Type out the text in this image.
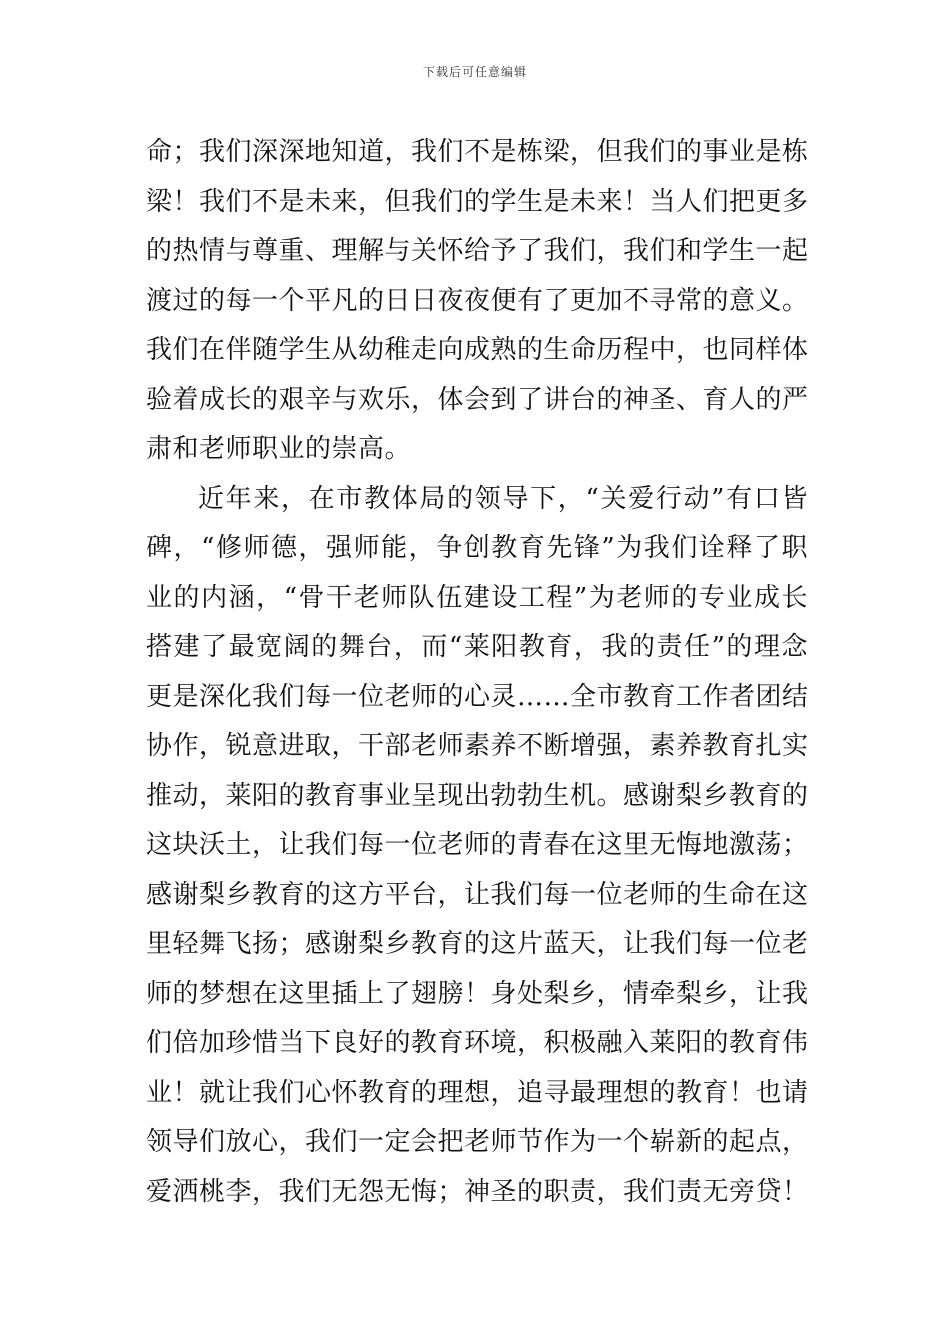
下载后可任意编辑

命；我们深深地知道，我们不是栋梁，但我们的事业是栋
梁！我们不是未来，但我们的学生是未来！当人们把更多
的热情与尊重、理解与关怀给予了我们，我们和学生一起
渡过的每一个平凡的日日夜夜便有了更加不寻常的意义。
我们在伴随学生从幼稚走向成熟的生命历程中，也同样体
验着成长的艰辛与欢乐，体会到了讲台的神圣、育人的严
肃和老师职业的崇高。

近年来，在市教体局的领导下，“关爱行动”有口皆
碑，“修师德，强师能，争创教育先锋”为我们诠释了职
业的内涵，“骨干老师队伍建设工程”为老师的专业成长
搭建了最宽阔的舞台，而“莱阳教育，我的责任”的理念
更是深化我们每一位老师的心灵……全市教育工作者团结
协作，锐意进取，干部老师素养不断增强，素养教育扎实
推动，莱阳的教育事业呈现出勃勃生机。感谢梨乡教育的
这块沃土，让我们每一位老师的青春在这里无悔地激荡；
感谢梨乡教育的这方平台，让我们每一位老师的生命在这
里轻舞飞扬；感谢梨乡教育的这片蓝天，让我们每一位老
师的梦想在这里插上了翅膀！身处梨乡，情牵梨乡，让我
们倍加珍惜当下良好的教育环境，积极融入莱阳的教育伟
业！就让我们心怀教育的理想，追寻最理想的教育！也请
领导们放心，我们一定会把老师节作为一个崭新的起点，
爱洒桃李，我们无怨无悔；神圣的职责，我们责无旁贷！
